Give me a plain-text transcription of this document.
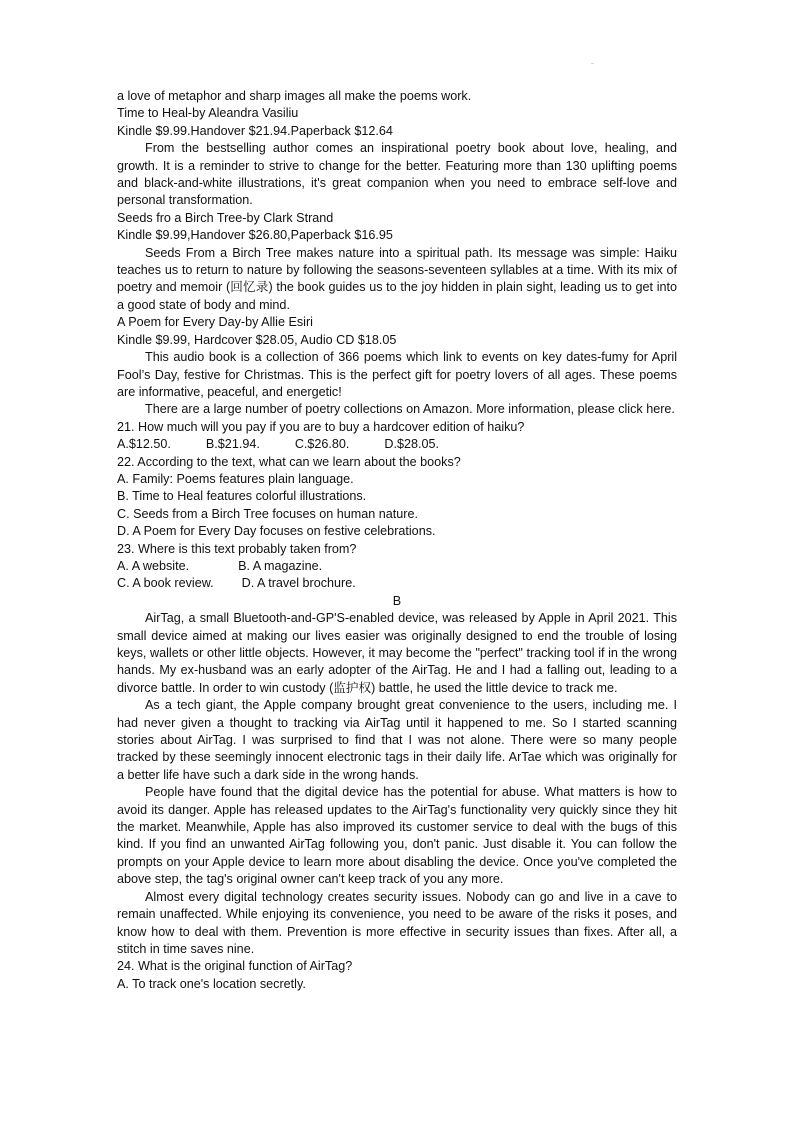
a love of metaphor and sharp images all make the poems work.

Time to Heal-by Aleandra Vasiliu

Kindle $9.99.Handover $21.94.Paperback $12.64

From the bestselling author comes an inspirational poetry book about love, healing, and growth. It is a reminder to strive to change for the better. Featuring more than 130 uplifting poems and black-and-white illustrations, it's great companion when you need to embrace self-love and personal transformation.

Seeds fro a Birch Tree-by Clark Strand

Kindle $9.99,Handover $26.80,Paperback $16.95

Seeds From a Birch Tree makes nature into a spiritual path. Its message was simple: Haiku teaches us to return to nature by following the seasons-seventeen syllables at a time. With its mix of poetry and memoir (回忆录) the book guides us to the joy hidden in plain sight, leading us to get into a good state of body and mind.

A Poem for Every Day-by Allie Esiri

Kindle $9.99, Hardcover $28.05, Audio CD $18.05

This audio book is a collection of 366 poems which link to events on key dates-fumy for April Fool’s Day, festive for Christmas. This is the perfect gift for poetry lovers of all ages. These poems are informative, peaceful, and energetic!

There are a large number of poetry collections on Amazon. More information, please click here.

21. How much will you pay if you are to buy a hardcover edition of haiku?

A.$12.50.          B.$21.94.          C.$26.80.          D.$28.05.

22. According to the text, what can we learn about the books?

A. Family: Poems features plain language.

B. Time to Heal features colorful illustrations.

C. Seeds from a Birch Tree focuses on human nature.

D. A Poem for Every Day focuses on festive celebrations.

23. Where is this text probably taken from?

A. A website.              B. A magazine.

C. A book review.        D. A travel brochure.

B

AirTag, a small Bluetooth-and-GP'S-enabled device, was released by Apple in April 2021. This small device aimed at making our lives easier was originally designed to end the trouble of losing keys, wallets or other little objects. However, it may become the "perfect" tracking tool if in the wrong hands. My ex-husband was an early adopter of the AirTag. He and I had a falling out, leading to a divorce battle. In order to win custody (监护权) battle, he used the little device to track me.

As a tech giant, the Apple company brought great convenience to the users, including me. I had never given a thought to tracking via AirTag until it happened to me. So I started scanning stories about AirTag. I was surprised to find that I was not alone. There were so many people tracked by these seemingly innocent electronic tags in their daily life. ArTae which was originally for a better life have such a dark side in the wrong hands.

People have found that the digital device has the potential for abuse. What matters is how to avoid its danger. Apple has released updates to the AirTag's functionality very quickly since they hit the market. Meanwhile, Apple has also improved its customer service to deal with the bugs of this kind. If you find an unwanted AirTag following you, don't panic. Just disable it. You can follow the prompts on your Apple device to learn more about disabling the device. Once you've completed the above step, the tag's original owner can't keep track of you any more.

Almost every digital technology creates security issues. Nobody can go and live in a cave to remain unaffected. While enjoying its convenience, you need to be aware of the risks it poses, and know how to deal with them. Prevention is more effective in security issues than fixes. After all, a stitch in time saves nine.

24. What is the original function of AirTag?

A. To track one's location secretly.
